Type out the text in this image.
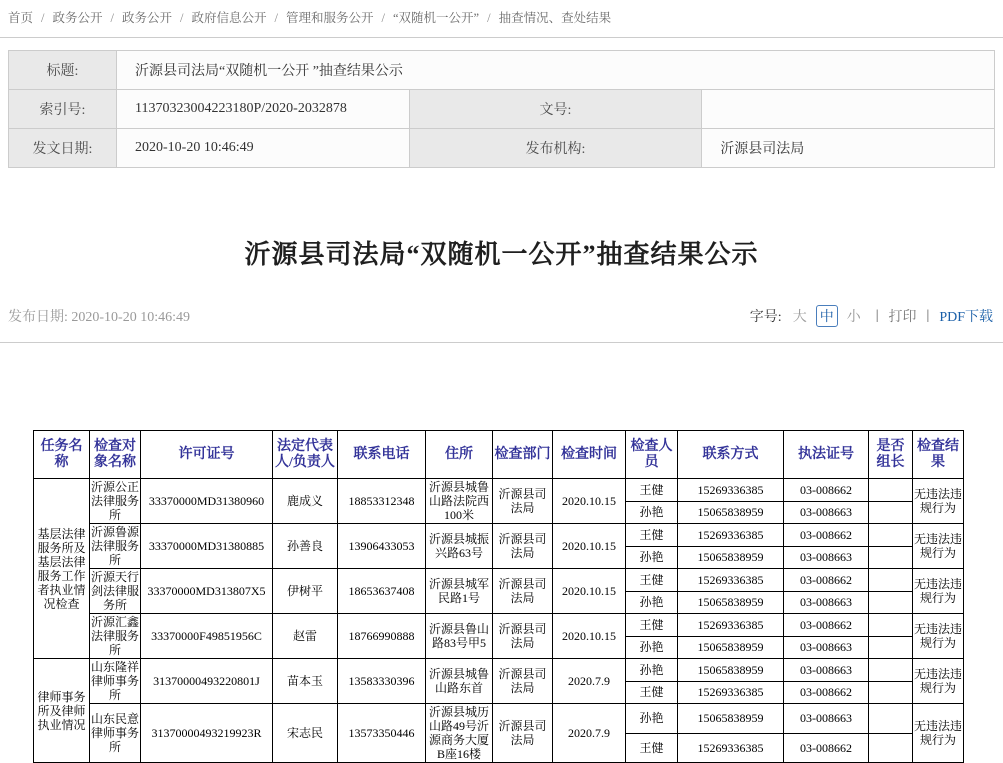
首页 / 政务公开 / 政务公开 / 政府信息公开 / 管理和服务公开 / “双随机一公开” / 抽查情况、查处结果
标题:	沂源县司法局“双随机一公开 ”抽查结果公示		
索引号:	11370323004223180P/2020-2032878	文号:	
发文日期:	2020-10-20 10:46:49	发布机构:	沂源县司法局
沂源县司法局“双随机一公开”抽查结果公示
发布日期: 2020-10-20 10:46:49	字号: 大 中 小 | 打印 | PDF下载
任务名称	检查对象名称	许可证号	法定代表人/负责人	联系电话	住所	检查部门	检查时间	检查人员	联系方式	执法证号	是否组长	检查结果
基层法律服务所及基层法律服务工作者执业情况检查	沂源公正法律服务所	33370000MD31380960	鹿成义	18853312348	沂源县城鲁山路法院西100米	沂源县司法局	2020.10.15	王健	15269336385	03-008662		无违法违规行为
								孙艳	15065838959	03-008663		
	沂源鲁源法律服务所	33370000MD31380885	孙善良	13906433053	沂源县城振兴路63号	沂源县司法局	2020.10.15	王健	15269336385	03-008662		无违法违规行为
								孙艳	15065838959	03-008663		
	沂源天行剑法律服务所	33370000MD313807X5	伊树平	18653637408	沂源县城军民路1号	沂源县司法局	2020.10.15	王健	15269336385	03-008662		无违法违规行为
								孙艳	15065838959	03-008663		
	沂源汇鑫法律服务所	33370000F49851956C	赵雷	18766990888	沂源县鲁山路83号甲5	沂源县司法局	2020.10.15	王健	15269336385	03-008662		无违法违规行为
								孙艳	15065838959	03-008663		
律师事务所及律师执业情况	山东隆祥律师事务所	31370000493220801J	苗本玉	13583330396	沂源县城鲁山路东首	沂源县司法局	2020.7.9	孙艳	15065838959	03-008663		无违法违规行为
								王健	15269336385	03-008662		
	山东民意律师事务所	31370000493219923R	宋志民	13573350446	沂源县城历山路49号沂源商务大厦B座16楼	沂源县司法局	2020.7.9	孙艳	15065838959	03-008663		无违法违规行为
								王健	15269336385	03-008662		
